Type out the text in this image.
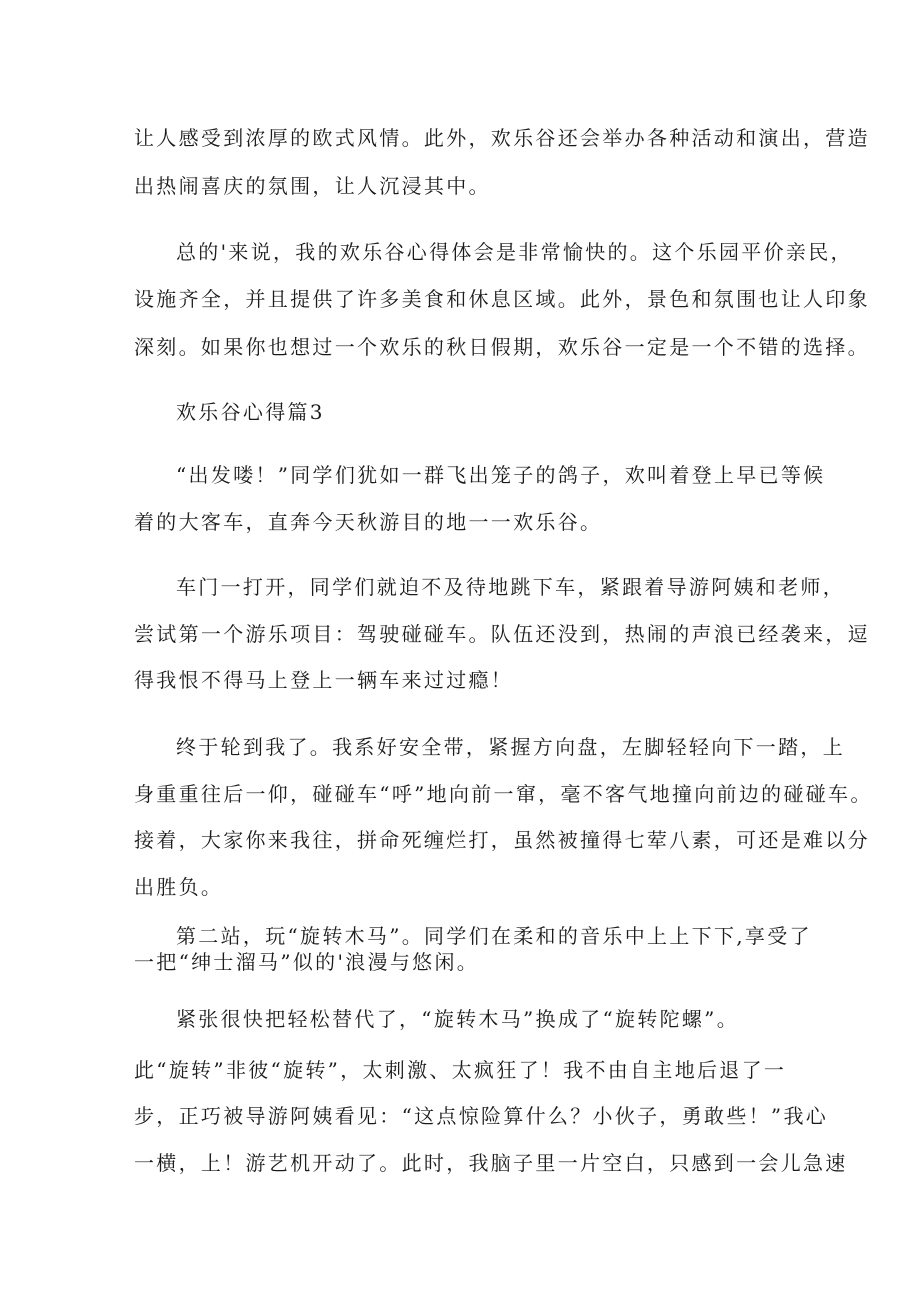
让人感受到浓厚的欧式风情。此外，欢乐谷还会举办各种活动和演出，营造
出热闹喜庆的氛围，让人沉浸其中。
总的'来说，我的欢乐谷心得体会是非常愉快的。这个乐园平价亲民，
设施齐全，并且提供了许多美食和休息区域。此外，景色和氛围也让人印象
深刻。如果你也想过一个欢乐的秋日假期，欢乐谷一定是一个不错的选择。
欢乐谷心得篇3
“出发喽！”同学们犹如一群飞出笼子的鸽子，欢叫着登上早已等候
着的大客车，直奔今天秋游目的地一一欢乐谷。
车门一打开，同学们就迫不及待地跳下车，紧跟着导游阿姨和老师，
尝试第一个游乐项目：驾驶碰碰车。队伍还没到，热闹的声浪已经袭来，逗
得我恨不得马上登上一辆车来过过瘾！
终于轮到我了。我系好安全带，紧握方向盘，左脚轻轻向下一踏，上
身重重往后一仰，碰碰车“呼”地向前一窜，毫不客气地撞向前边的碰碰车。
接着，大家你来我往，拼命死缠烂打，虽然被撞得七荤八素，可还是难以分
出胜负。
第二站，玩“旋转木马”。同学们在柔和的音乐中上上下下,享受了
一把“绅士溜马”似的'浪漫与悠闲。
紧张很快把轻松替代了，“旋转木马”换成了“旋转陀螺”。
此“旋转”非彼“旋转”，太刺激、太疯狂了！我不由自主地后退了一
步，正巧被导游阿姨看见：“这点惊险算什么？小伙子，勇敢些！”我心
一横，上！游艺机开动了。此时，我脑子里一片空白，只感到一会儿急速
